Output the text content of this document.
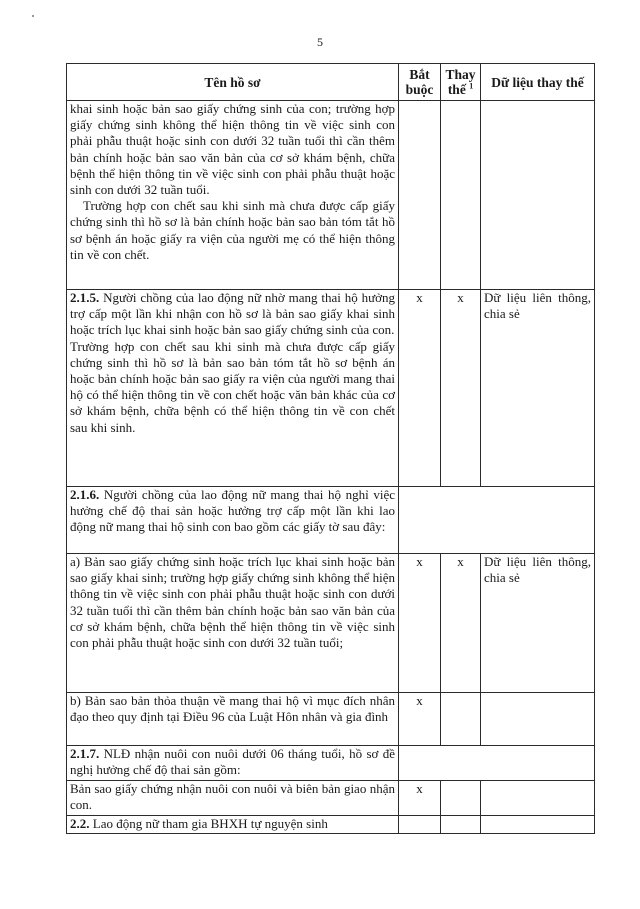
5
Tên hồ sơ	Bắt buộc	Thay thế $^1$	Dữ liệu thay thế

khai sinh hoặc bản sao giấy chứng sinh của con; trường hợp giấy chứng sinh không thể hiện thông tin về việc sinh con phải phẫu thuật hoặc sinh con dưới 32 tuần tuổi thì cần thêm bản chính hoặc bản sao văn bản của cơ sở khám bệnh, chữa bệnh thể hiện thông tin về việc sinh con phải phẫu thuật hoặc sinh con dưới 32 tuần tuổi.
Trường hợp con chết sau khi sinh mà chưa được cấp giấy chứng sinh thì hồ sơ là bản chính hoặc bản sao bản tóm tắt hồ sơ bệnh án hoặc giấy ra viện của người mẹ có thể hiện thông tin về con chết.			

2.1.5. Người chồng của lao động nữ nhờ mang thai hộ hưởng trợ cấp một lần khi nhận con hồ sơ là bản sao giấy khai sinh hoặc trích lục khai sinh hoặc bản sao giấy chứng sinh của con.
Trường hợp con chết sau khi sinh mà chưa được cấp giấy chứng sinh thì hồ sơ là bản sao bản tóm tắt hồ sơ bệnh án hoặc bản chính hoặc bản sao giấy ra viện của người mang thai hộ có thể hiện thông tin về con chết hoặc văn bản khác của cơ sở khám bệnh, chữa bệnh có thể hiện thông tin về con chết sau khi sinh.	x	x	Dữ liệu liên thông, chia sẻ

2.1.6. Người chồng của lao động nữ mang thai hộ nghỉ việc hưởng chế độ thai sản hoặc hưởng trợ cấp một lần khi lao động nữ mang thai hộ sinh con bao gồm các giấy tờ sau đây:			

a) Bản sao giấy chứng sinh hoặc trích lục khai sinh hoặc bản sao giấy khai sinh; trường hợp giấy chứng sinh không thể hiện thông tin về việc sinh con phải phẫu thuật hoặc sinh con dưới 32 tuần tuổi thì cần thêm bản chính hoặc bản sao văn bản của cơ sở khám bệnh, chữa bệnh thể hiện thông tin về việc sinh con phải phẫu thuật hoặc sinh con dưới 32 tuần tuổi;	x	x	Dữ liệu liên thông, chia sẻ

b) Bản sao bản thỏa thuận về mang thai hộ vì mục đích nhân đạo theo quy định tại Điều 96 của Luật Hôn nhân và gia đình	x		

2.1.7. NLĐ nhận nuôi con nuôi dưới 06 tháng tuổi, hồ sơ đề nghị hưởng chế độ thai sản gồm:			

Bản sao giấy chứng nhận nuôi con nuôi và biên bản giao nhận con.	x		

2.2. Lao động nữ tham gia BHXH tự nguyện sinh			
